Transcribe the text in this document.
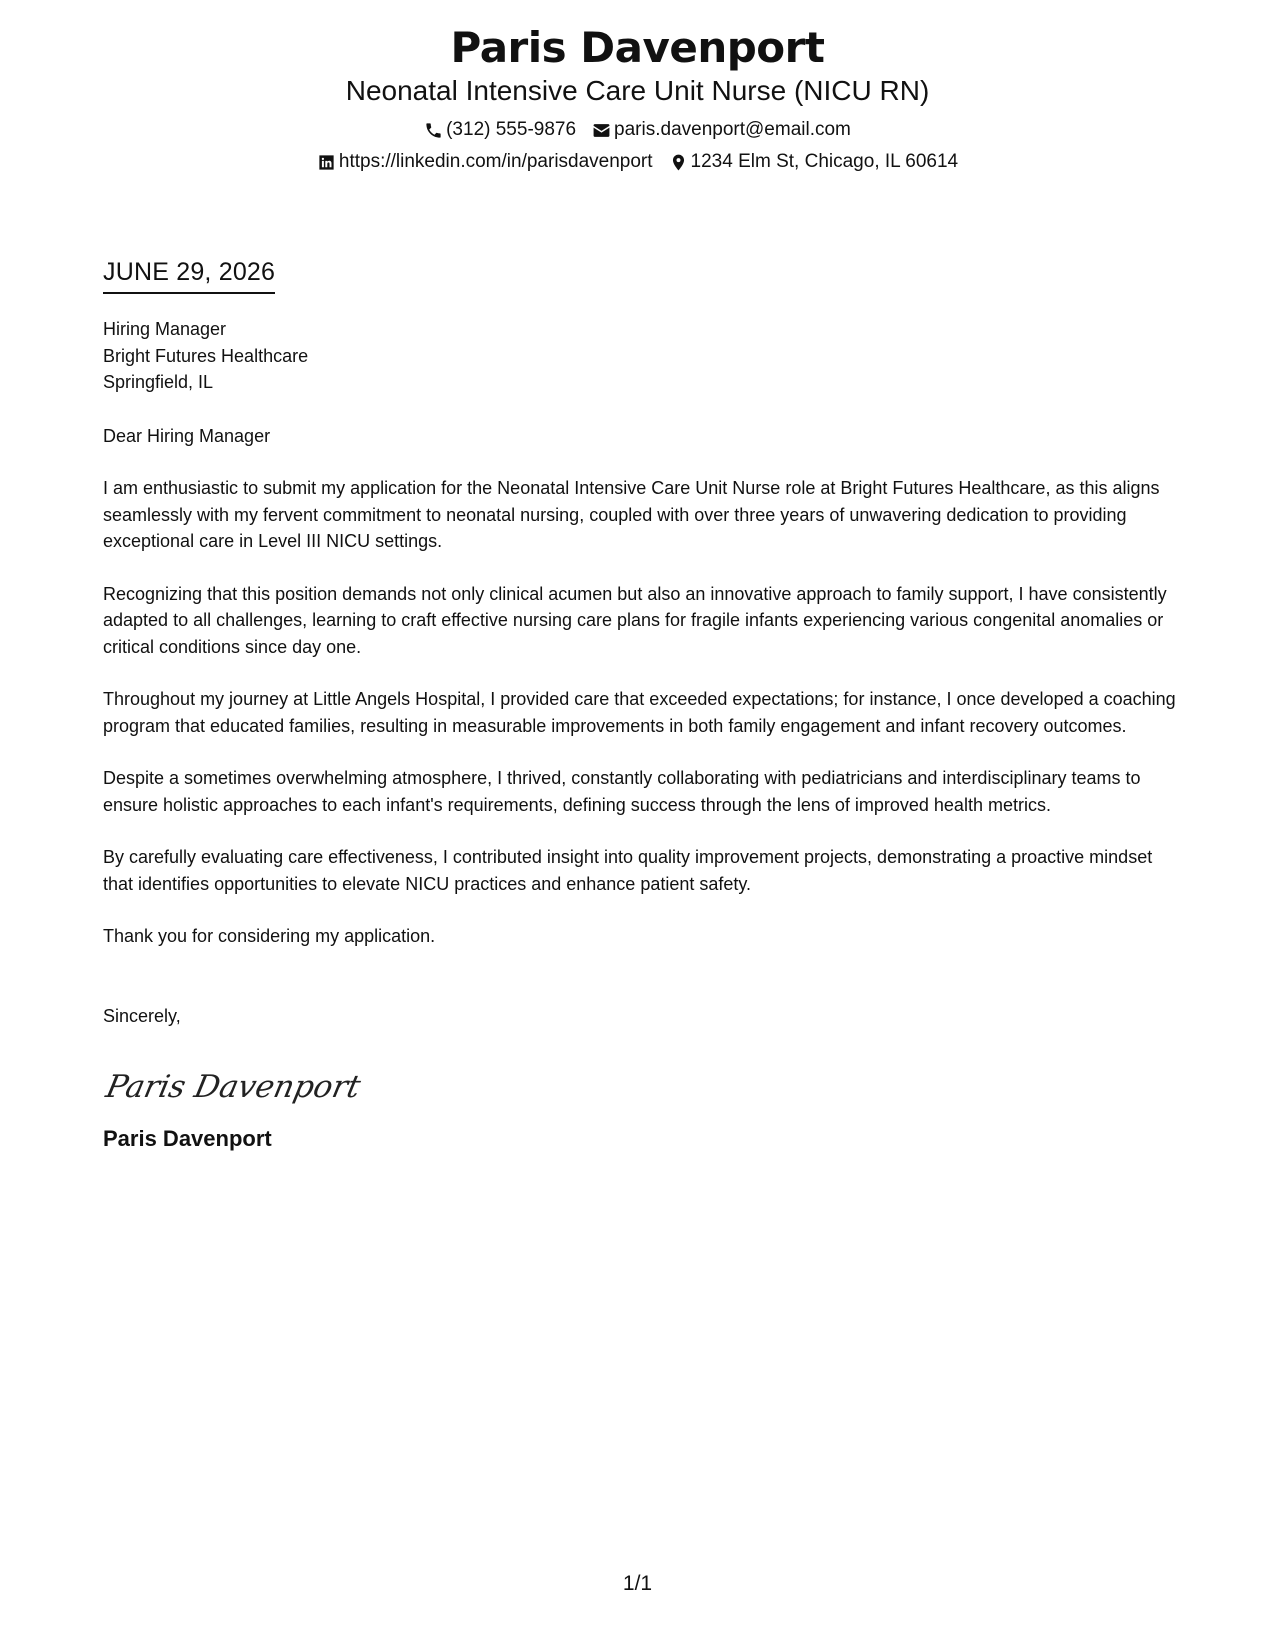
Paris Davenport
Neonatal Intensive Care Unit Nurse (NICU RN)
(312) 555-9876 paris.davenport@email.com
https://linkedin.com/in/parisdavenport 1234 Elm St, Chicago, IL 60614
JUNE 29, 2026
Hiring Manager
Bright Futures Healthcare
Springfield, IL
Dear Hiring Manager
I am enthusiastic to submit my application for the Neonatal Intensive Care Unit Nurse role at Bright Futures Healthcare, as this aligns seamlessly with my fervent commitment to neonatal nursing, coupled with over three years of unwavering dedication to providing exceptional care in Level III NICU settings.
Recognizing that this position demands not only clinical acumen but also an innovative approach to family support, I have consistently adapted to all challenges, learning to craft effective nursing care plans for fragile infants experiencing various congenital anomalies or critical conditions since day one.
Throughout my journey at Little Angels Hospital, I provided care that exceeded expectations; for instance, I once developed a coaching program that educated families, resulting in measurable improvements in both family engagement and infant recovery outcomes.
Despite a sometimes overwhelming atmosphere, I thrived, constantly collaborating with pediatricians and interdisciplinary teams to ensure holistic approaches to each infant's requirements, defining success through the lens of improved health metrics.
By carefully evaluating care effectiveness, I contributed insight into quality improvement projects, demonstrating a proactive mindset that identifies opportunities to elevate NICU practices and enhance patient safety.
Thank you for considering my application.
Sincerely,
Paris Davenport
Paris Davenport
1/1
